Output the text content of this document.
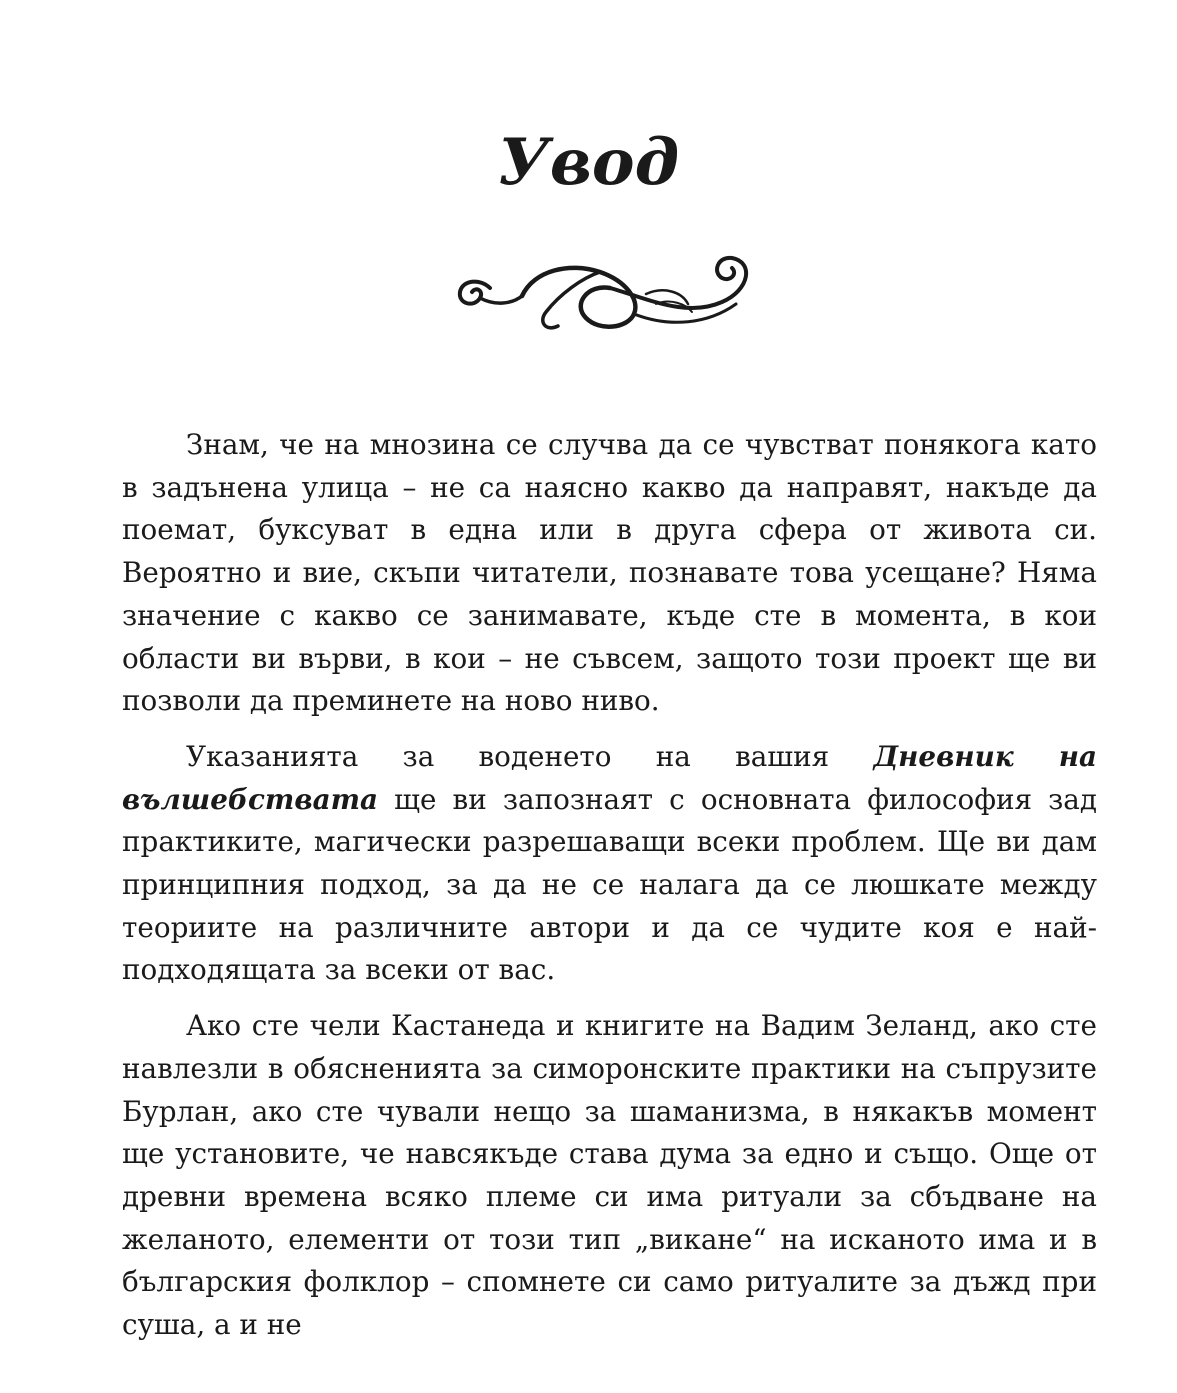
Увод

Знам, че на мнозина се случва да се чувстват понякога като в задънена улица – не са наясно какво да направят, накъде да поемат, буксуват в една или в друга сфера от живота си. Вероятно и вие, скъпи читатели, познавате това усещане? Няма значение с какво се занимавате, къде сте в момента, в кои области ви върви, в кои – не съвсем, защото този проект ще ви позволи да преминете на ново ниво.

Указанията за воденето на вашия Дневник на вълшебствата ще ви запознаят с основната философия зад практиките, магически разрешаващи всеки проблем. Ще ви дам принципния подход, за да не се налага да се люшкате между теориите на различните автори и да се чудите коя е най-подходящата за всеки от вас.

Ако сте чели Кастанеда и книгите на Вадим Зеланд, ако сте навлезли в обясненията за симоронските практики на съпрузите Бурлан, ако сте чували нещо за шаманизма, в някакъв момент ще установите, че навсякъде става дума за едно и също. Още от древни времена всяко племе си има ритуали за сбъдване на желаното, елементи от този тип „викане“ на исканото има и в българския фолклор – спомнете си само ритуалите за дъжд при суша, а и не
